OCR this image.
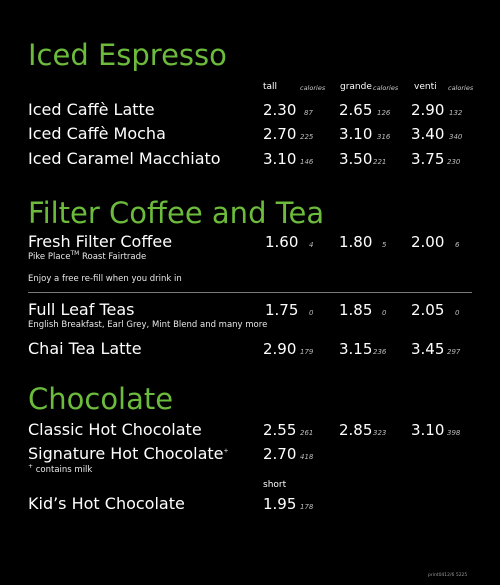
Iced Espresso
tall	calories grande calories venti calories
Iced Caffè Latte	2.30 87 2.65 126 2.90 132
Iced Caffè Mocha	2.70 225 3.10 316 3.40 340
Iced Caramel Macchiato	3.10 146 3.50 221 3.75 230
Filter Coffee and Tea
Fresh Filter Coffee	1.60 4 1.80 5 2.00 6
Pike Place™ Roast Fairtrade
Enjoy a free re-fill when you drink in
Full Leaf Teas	1.75 0 1.85 0 2.05 0
English Breakfast, Earl Grey, Mint Blend and many more
Chai Tea Latte	2.90 179 3.15 236 3.45 297
Chocolate
Classic Hot Chocolate	2.55 261 2.85 323 3.10 398
Signature Hot Chocolate+ 2.70 418
+ contains milk
short
Kid’s Hot Chocolate	1.95 178
print0412/6 5225
